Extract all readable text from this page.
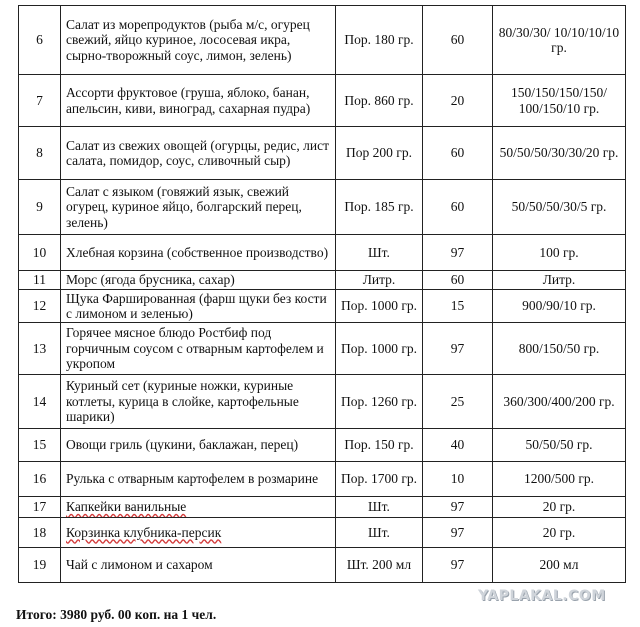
6	Салат из морепродуктов (рыба м/с, огурец свежий, яйцо куриное, лососевая икра, сырно-творожный соус, лимон, зелень)	Пор. 180 гр.	60	80/30/30/ 10/10/10/10 гр.
7	Ассорти фруктовое (груша, яблоко, банан, апельсин, киви, виноград, сахарная пудра)	Пор. 860 гр.	20	150/150/150/150/ 100/150/10 гр.
8	Салат из свежих овощей (огурцы, редис, лист салата, помидор, соус, сливочный сыр)	Пор 200 гр.	60	50/50/50/30/30/20 гр.
9	Салат с языком (говяжий язык, свежий огурец, куриное яйцо, болгарский перец, зелень)	Пор. 185 гр.	60	50/50/50/30/5 гр.
10	Хлебная корзина (собственное производство)	Шт.	97	100 гр.
11	Морс (ягода брусника, сахар)	Литр.	60	Литр.
12	Щука Фаршированная (фарш щуки без кости с лимоном и зеленью)	Пор. 1000 гр.	15	900/90/10 гр.
13	Горячее мясное блюдо Ростбиф под горчичным соусом с отварным картофелем и укропом	Пор. 1000 гр.	97	800/150/50 гр.
14	Куриный сет (куриные ножки, куриные котлеты, курица в слойке, картофельные шарики)	Пор. 1260 гр.	25	360/300/400/200 гр.
15	Овощи гриль (цукини, баклажан, перец)	Пор. 150 гр.	40	50/50/50 гр.
16	Рулька с отварным картофелем в розмарине	Пор. 1700 гр.	10	1200/500 гр.
17	Капкейки ванильные	Шт.	97	20 гр.
18	Корзинка клубника-персик	Шт.	97	20 гр.
19	Чай с лимоном и сахаром	Шт. 200 мл	97	200 мл
Итого: 3980 руб. 00 коп. на 1 чел.
YAPLAKAL.COM
